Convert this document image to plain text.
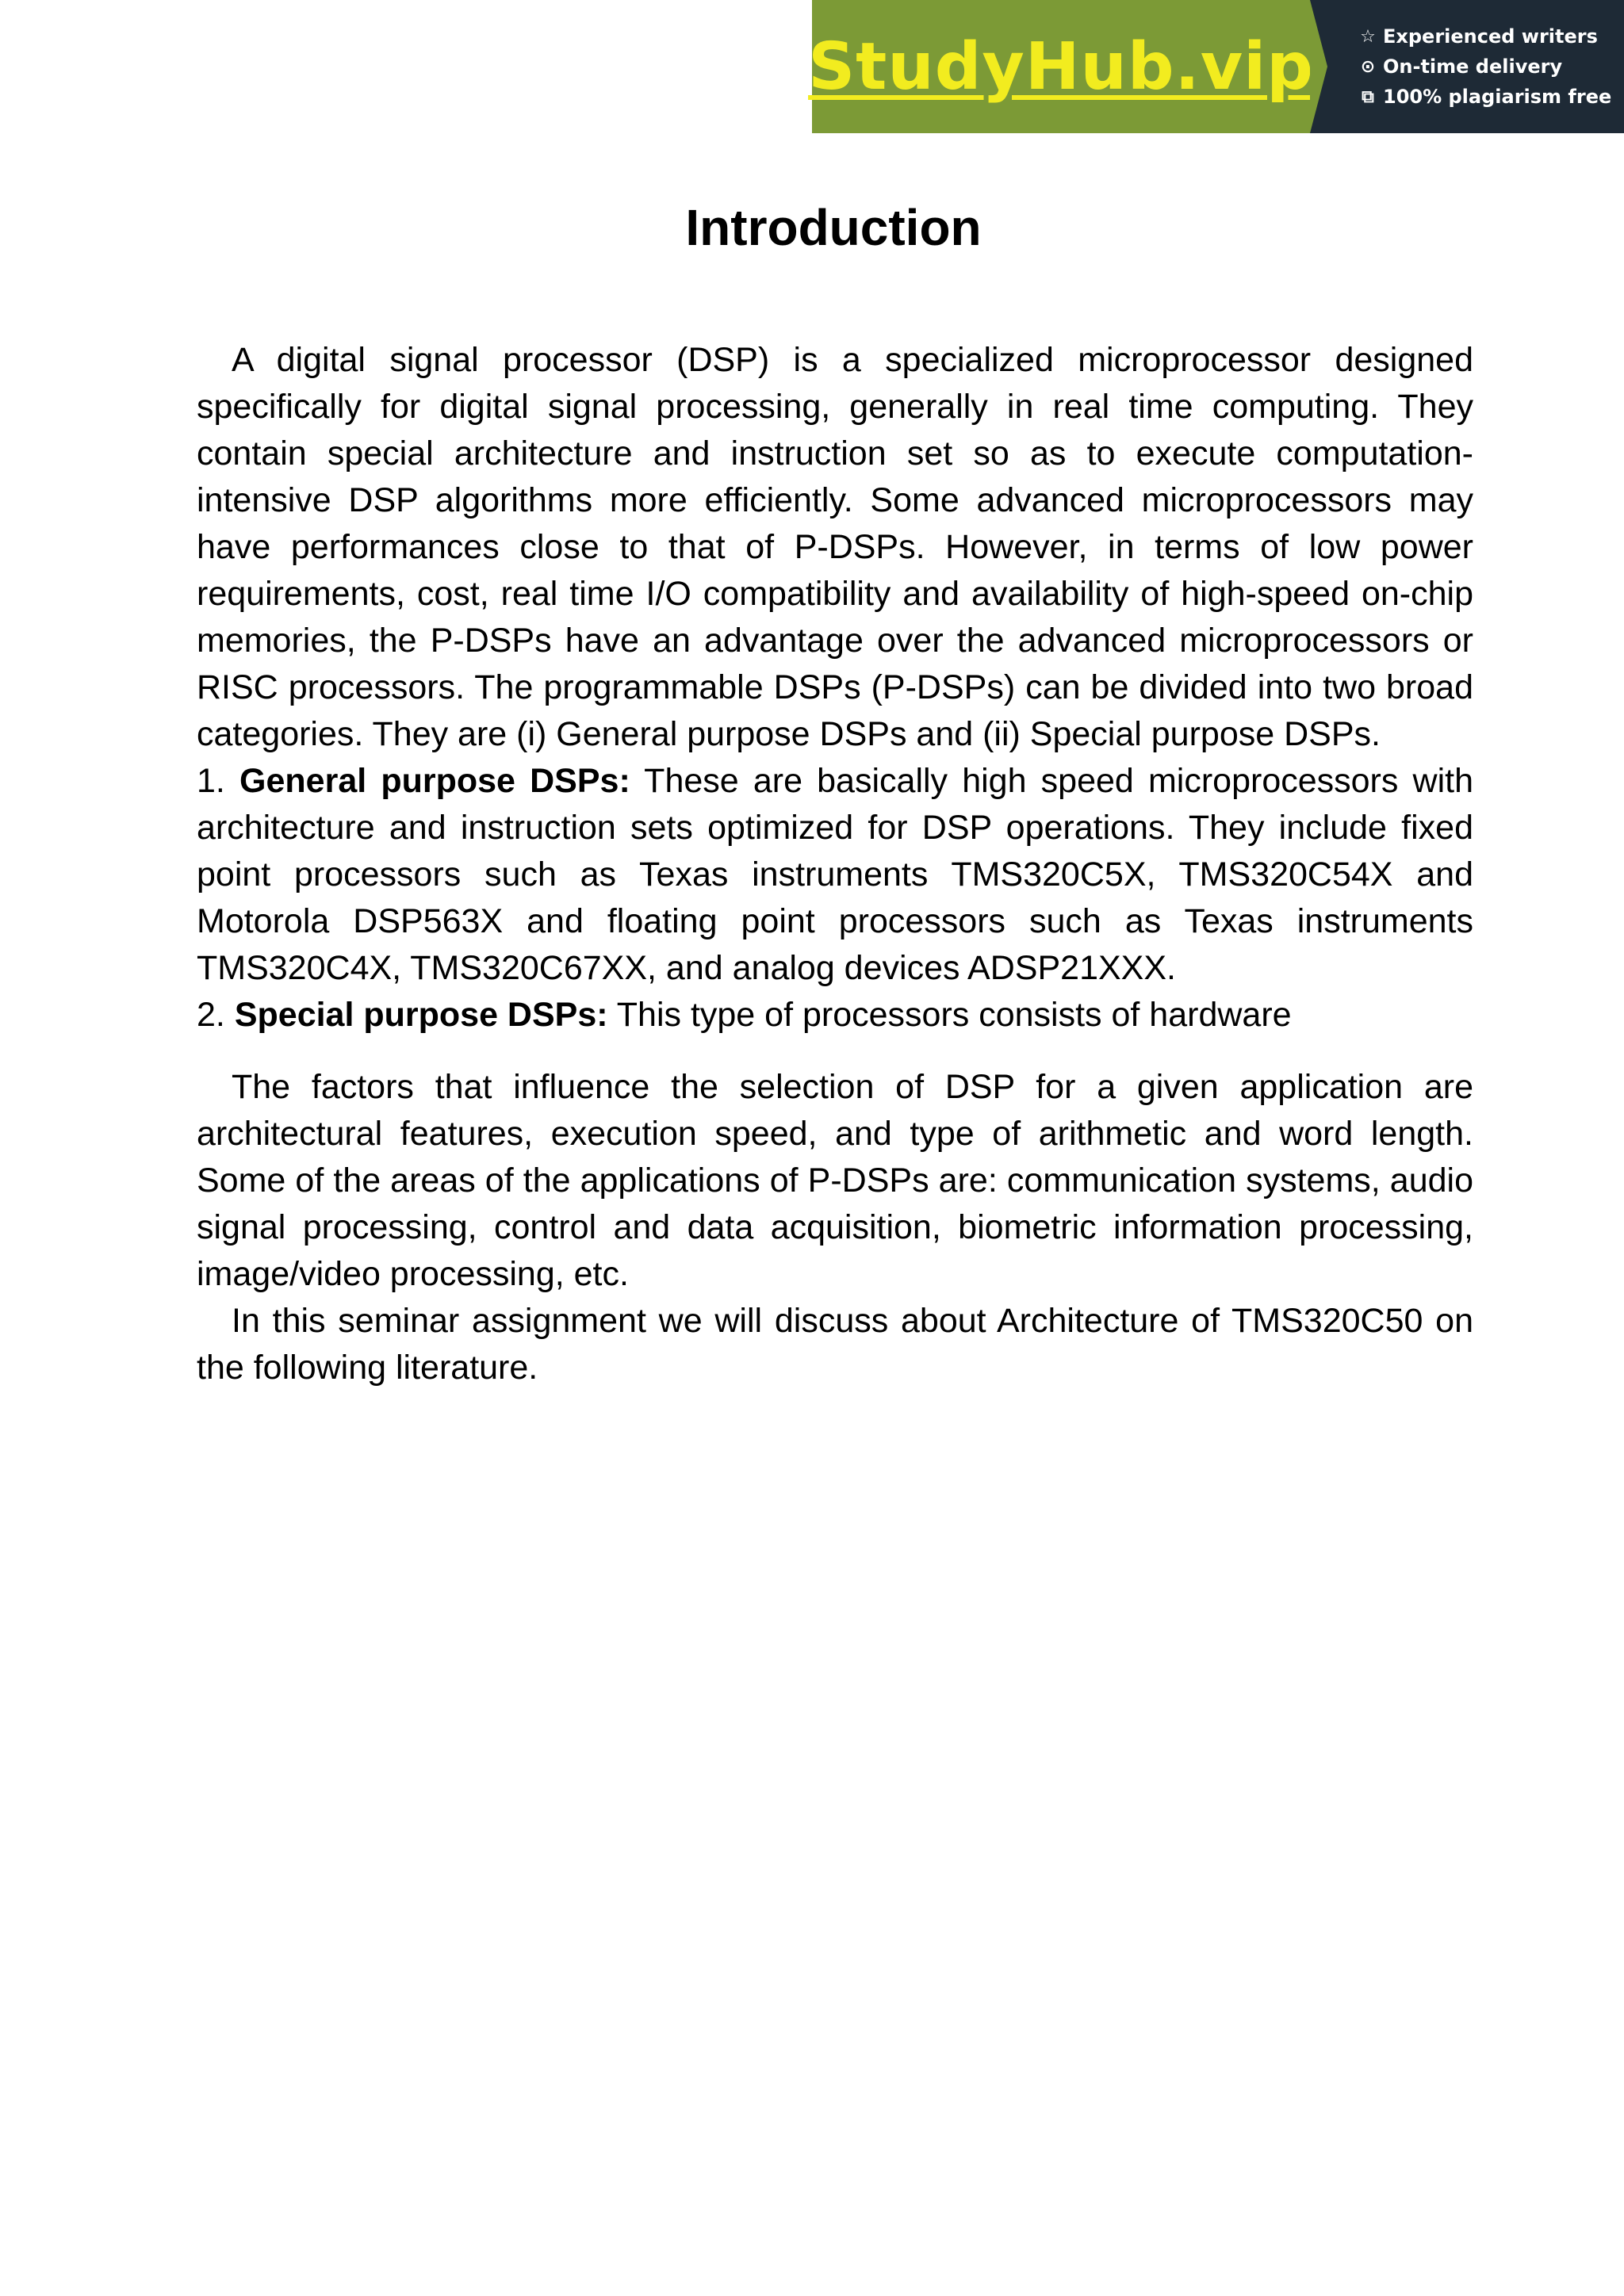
StudyHub.vip	☆ Experienced writers
⊙ On-time delivery
⧉ 100% plagiarism free
Introduction

A digital signal processor (DSP) is a specialized microprocessor designed specifically for digital signal processing, generally in real time computing. They contain special architecture and instruction set so as to execute computation-intensive DSP algorithms more efficiently. Some advanced microprocessors may have performances close to that of P-DSPs. However, in terms of low power requirements, cost, real time I/O compatibility and availability of high-speed on-chip memories, the P-DSPs have an advantage over the advanced microprocessors or RISC processors. The programmable DSPs (P-DSPs) can be divided into two broad categories. They are (i) General purpose DSPs and (ii) Special purpose DSPs.

1. General purpose DSPs: These are basically high speed microprocessors with architecture and instruction sets optimized for DSP operations. They include fixed point processors such as Texas instruments TMS320C5X, TMS320C54X and Motorola DSP563X and floating point processors such as Texas instruments TMS320C4X, TMS320C67XX, and analog devices ADSP21XXX.

2. Special purpose DSPs: This type of processors consists of hardware

The factors that influence the selection of DSP for a given application are architectural features, execution speed, and type of arithmetic and word length. Some of the areas of the applications of P-DSPs are: communication systems, audio signal processing, control and data acquisition, biometric information processing, image/video processing, etc.

In this seminar assignment we will discuss about Architecture of TMS320C50 on the following literature.
